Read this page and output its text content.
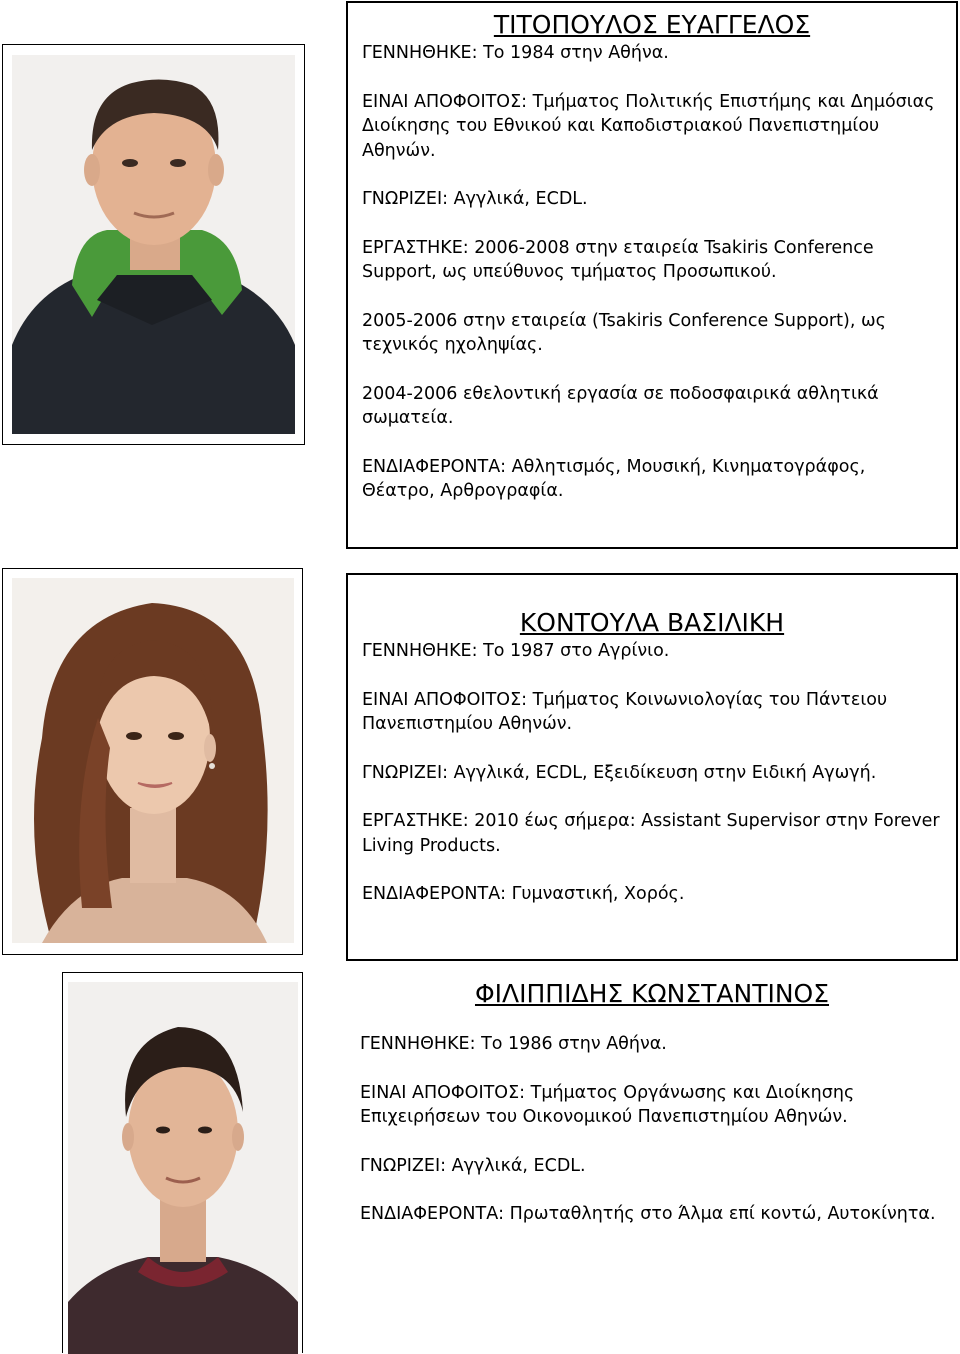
ΤΙΤΟΠΟΥΛΟΣ ΕΥΑΓΓΕΛΟΣ

ΓΕΝΝΗΘΗΚΕ: Το 1984 στην Αθήνα.

ΕΙΝΑΙ ΑΠΟΦΟΙΤΟΣ: Τμήματος Πολιτικής Επιστήμης και Δημόσιας Διοίκησης του Εθνικού και Καποδιστριακού Πανεπιστημίου Αθηνών.

ΓΝΩΡΙΖΕΙ: Αγγλικά, ECDL.

ΕΡΓΑΣΤΗΚΕ: 2006-2008 στην εταιρεία Tsakiris Conference Support, ως υπεύθυνος τμήματος Προσωπικού.

2005-2006 στην εταιρεία (Tsakiris Conference Support), ως τεχνικός ηχοληψίας.

2004-2006 εθελοντική εργασία σε ποδοσφαιρικά αθλητικά σωματεία.

ΕΝΔΙΑΦΕΡΟΝΤΑ: Αθλητισμός, Μουσική, Κινηματογράφος, Θέατρο, Αρθρογραφία.

ΚΟΝΤΟΥΛΑ ΒΑΣΙΛΙΚΗ

ΓΕΝΝΗΘΗΚΕ: Το 1987 στο Αγρίνιο.

ΕΙΝΑΙ ΑΠΟΦΟΙΤΟΣ: Τμήματος Κοινωνιολογίας του Πάντειου Πανεπιστημίου Αθηνών.

ΓΝΩΡΙΖΕΙ: Αγγλικά, ECDL, Εξειδίκευση στην Ειδική Αγωγή.

ΕΡΓΑΣΤΗΚΕ: 2010 έως σήμερα: Assistant Supervisor στην Forever Living Products.

ΕΝΔΙΑΦΕΡΟΝΤΑ: Γυμναστική, Χορός.

ΦΙΛΙΠΠΙΔΗΣ ΚΩΝΣΤΑΝΤΙΝΟΣ

ΓΕΝΝΗΘΗΚΕ: Το 1986 στην Αθήνα.

ΕΙΝΑΙ ΑΠΟΦΟΙΤΟΣ: Τμήματος Οργάνωσης και Διοίκησης Επιχειρήσεων του Οικονομικού Πανεπιστημίου Αθηνών.

ΓΝΩΡΙΖΕΙ: Αγγλικά, ECDL.

ΕΝΔΙΑΦΕΡΟΝΤΑ: Πρωταθλητής στο Άλμα επί κοντώ, Αυτοκίνητα.
